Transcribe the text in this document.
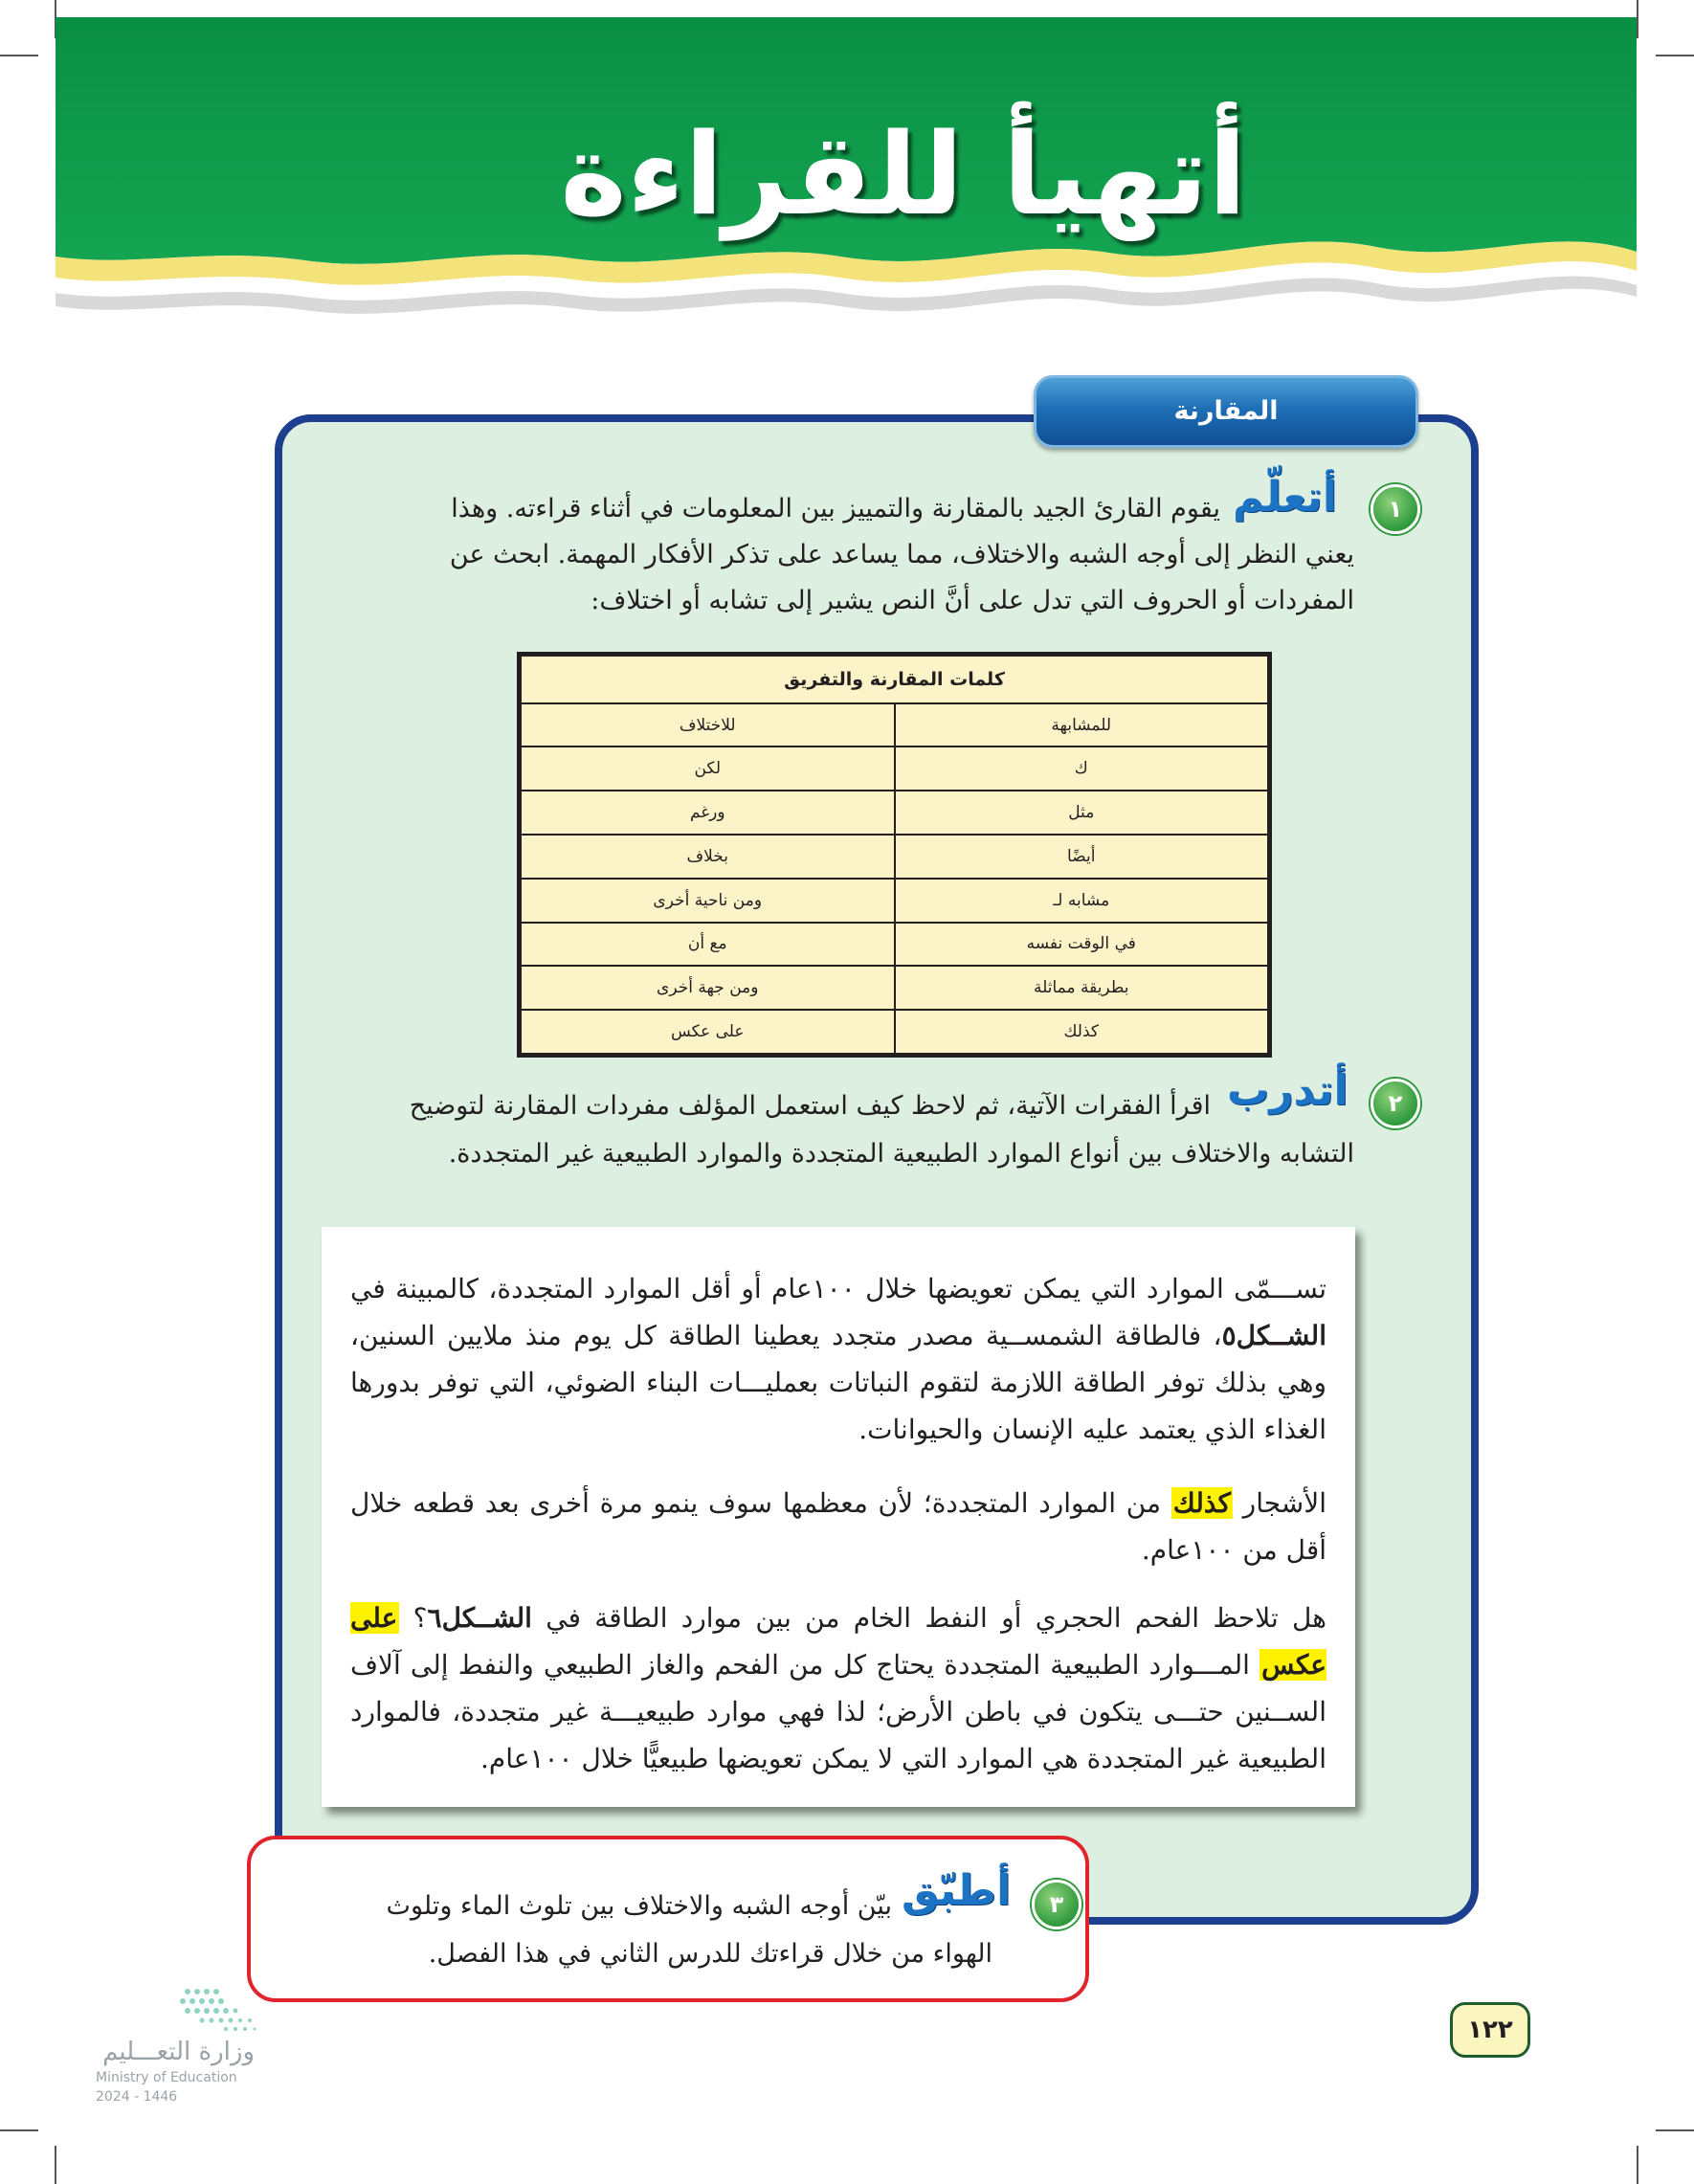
أتهيأ للقراءة
المقارنة
١
أتعلّم
يقوم القارئ الجيد بالمقارنة والتمييز بين المعلومات في أثناء قراءته. وهذا
يعني النظر إلى أوجه الشبه والاختلاف، مما يساعد على تذكر الأفكار المهمة. ابحث عن
المفردات أو الحروف التي تدل على أنَّ النص يشير إلى تشابه أو اختلاف:
كلمات المقارنة والتفريق	
للمشابهة	للاختلاف
ك	لكن
مثل	ورغم
أيضًا	بخلاف
مشابه لـ	ومن ناحية أخرى
في الوقت نفسه	مع أن
بطريقة مماثلة	ومن جهة أخرى
كذلك	على عكس
٢
أتدرب
اقرأ الفقرات الآتية، ثم لاحظ كيف استعمل المؤلف مفردات المقارنة لتوضيح
التشابه والاختلاف بين أنواع الموارد الطبيعية المتجددة والموارد الطبيعية غير المتجددة.
تســـمّى الموارد التي يمكن تعويضها خلال ١٠٠عام أو أقل الموارد المتجددة، كالمبينة في الشــكل٥، فالطاقة الشمســية مصدر متجدد يعطينا الطاقة كل يوم منذ ملايين السنين، وهي بذلك توفر الطاقة اللازمة لتقوم النباتات بعمليـــات البناء الضوئي، التي توفر بدورها الغذاء الذي يعتمد عليه الإنسان والحيوانات.
الأشجار كذلك من الموارد المتجددة؛ لأن معظمها سوف ينمو مرة أخرى بعد قطعه خلال أقل من ١٠٠عام.
هل تلاحظ الفحم الحجري أو النفط الخام من بين موارد الطاقة في الشــكل٦؟ على عكس المـــوارد الطبيعية المتجددة يحتاج كل من الفحم والغاز الطبيعي والنفط إلى آلاف الســنين حتـــى يتكون في باطن الأرض؛ لذا فهي موارد طبيعيـــة غير متجددة، فالموارد الطبيعية غير المتجددة هي الموارد التي لا يمكن تعويضها طبيعيًّا خلال ١٠٠عام.
٣
أطبّق
بيّن أوجه الشبه والاختلاف بين تلوث الماء وتلوث
الهواء من خلال قراءتك للدرس الثاني في هذا الفصل.
١٢٢
وزارة التعـــليم
Ministry of Education
2024 - 1446
